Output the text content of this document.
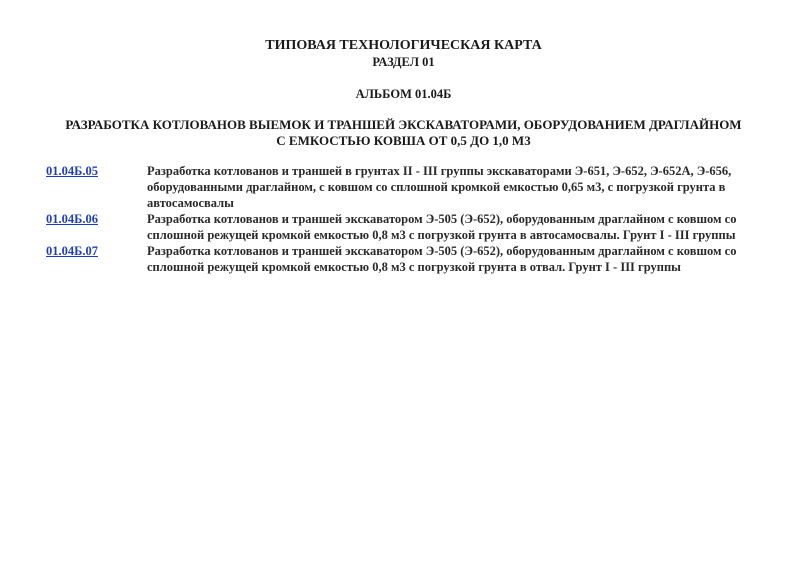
ТИПОВАЯ ТЕХНОЛОГИЧЕСКАЯ КАРТА
РАЗДЕЛ 01
АЛЬБОМ 01.04Б
РАЗРАБОТКА КОТЛОВАНОВ ВЫЕМОК И ТРАНШЕЙ ЭКСКАВАТОРАМИ, ОБОРУДОВАНИЕМ ДРАГЛАЙНОМ
С ЕМКОСТЬЮ КОВША ОТ 0,5 ДО 1,0 М3
01.04Б.05	Разработка котлованов и траншей в грунтах II - III группы экскаваторами Э-651, Э-652, Э-652А, Э-656, оборудованными драглайном, с ковшом со сплошной кромкой емкостью 0,65 м3, с погрузкой грунта в автосамосвалы
01.04Б.06	Разработка котлованов и траншей экскаватором Э-505 (Э-652), оборудованным драглайном с ковшом со сплошной режущей кромкой емкостью 0,8 м3 с погрузкой грунта в автосамосвалы. Грунт I - III группы
01.04Б.07	Разработка котлованов и траншей экскаватором Э-505 (Э-652), оборудованным драглайном с ковшом со сплошной режущей кромкой емкостью 0,8 м3 с погрузкой грунта в отвал. Грунт I - III группы
